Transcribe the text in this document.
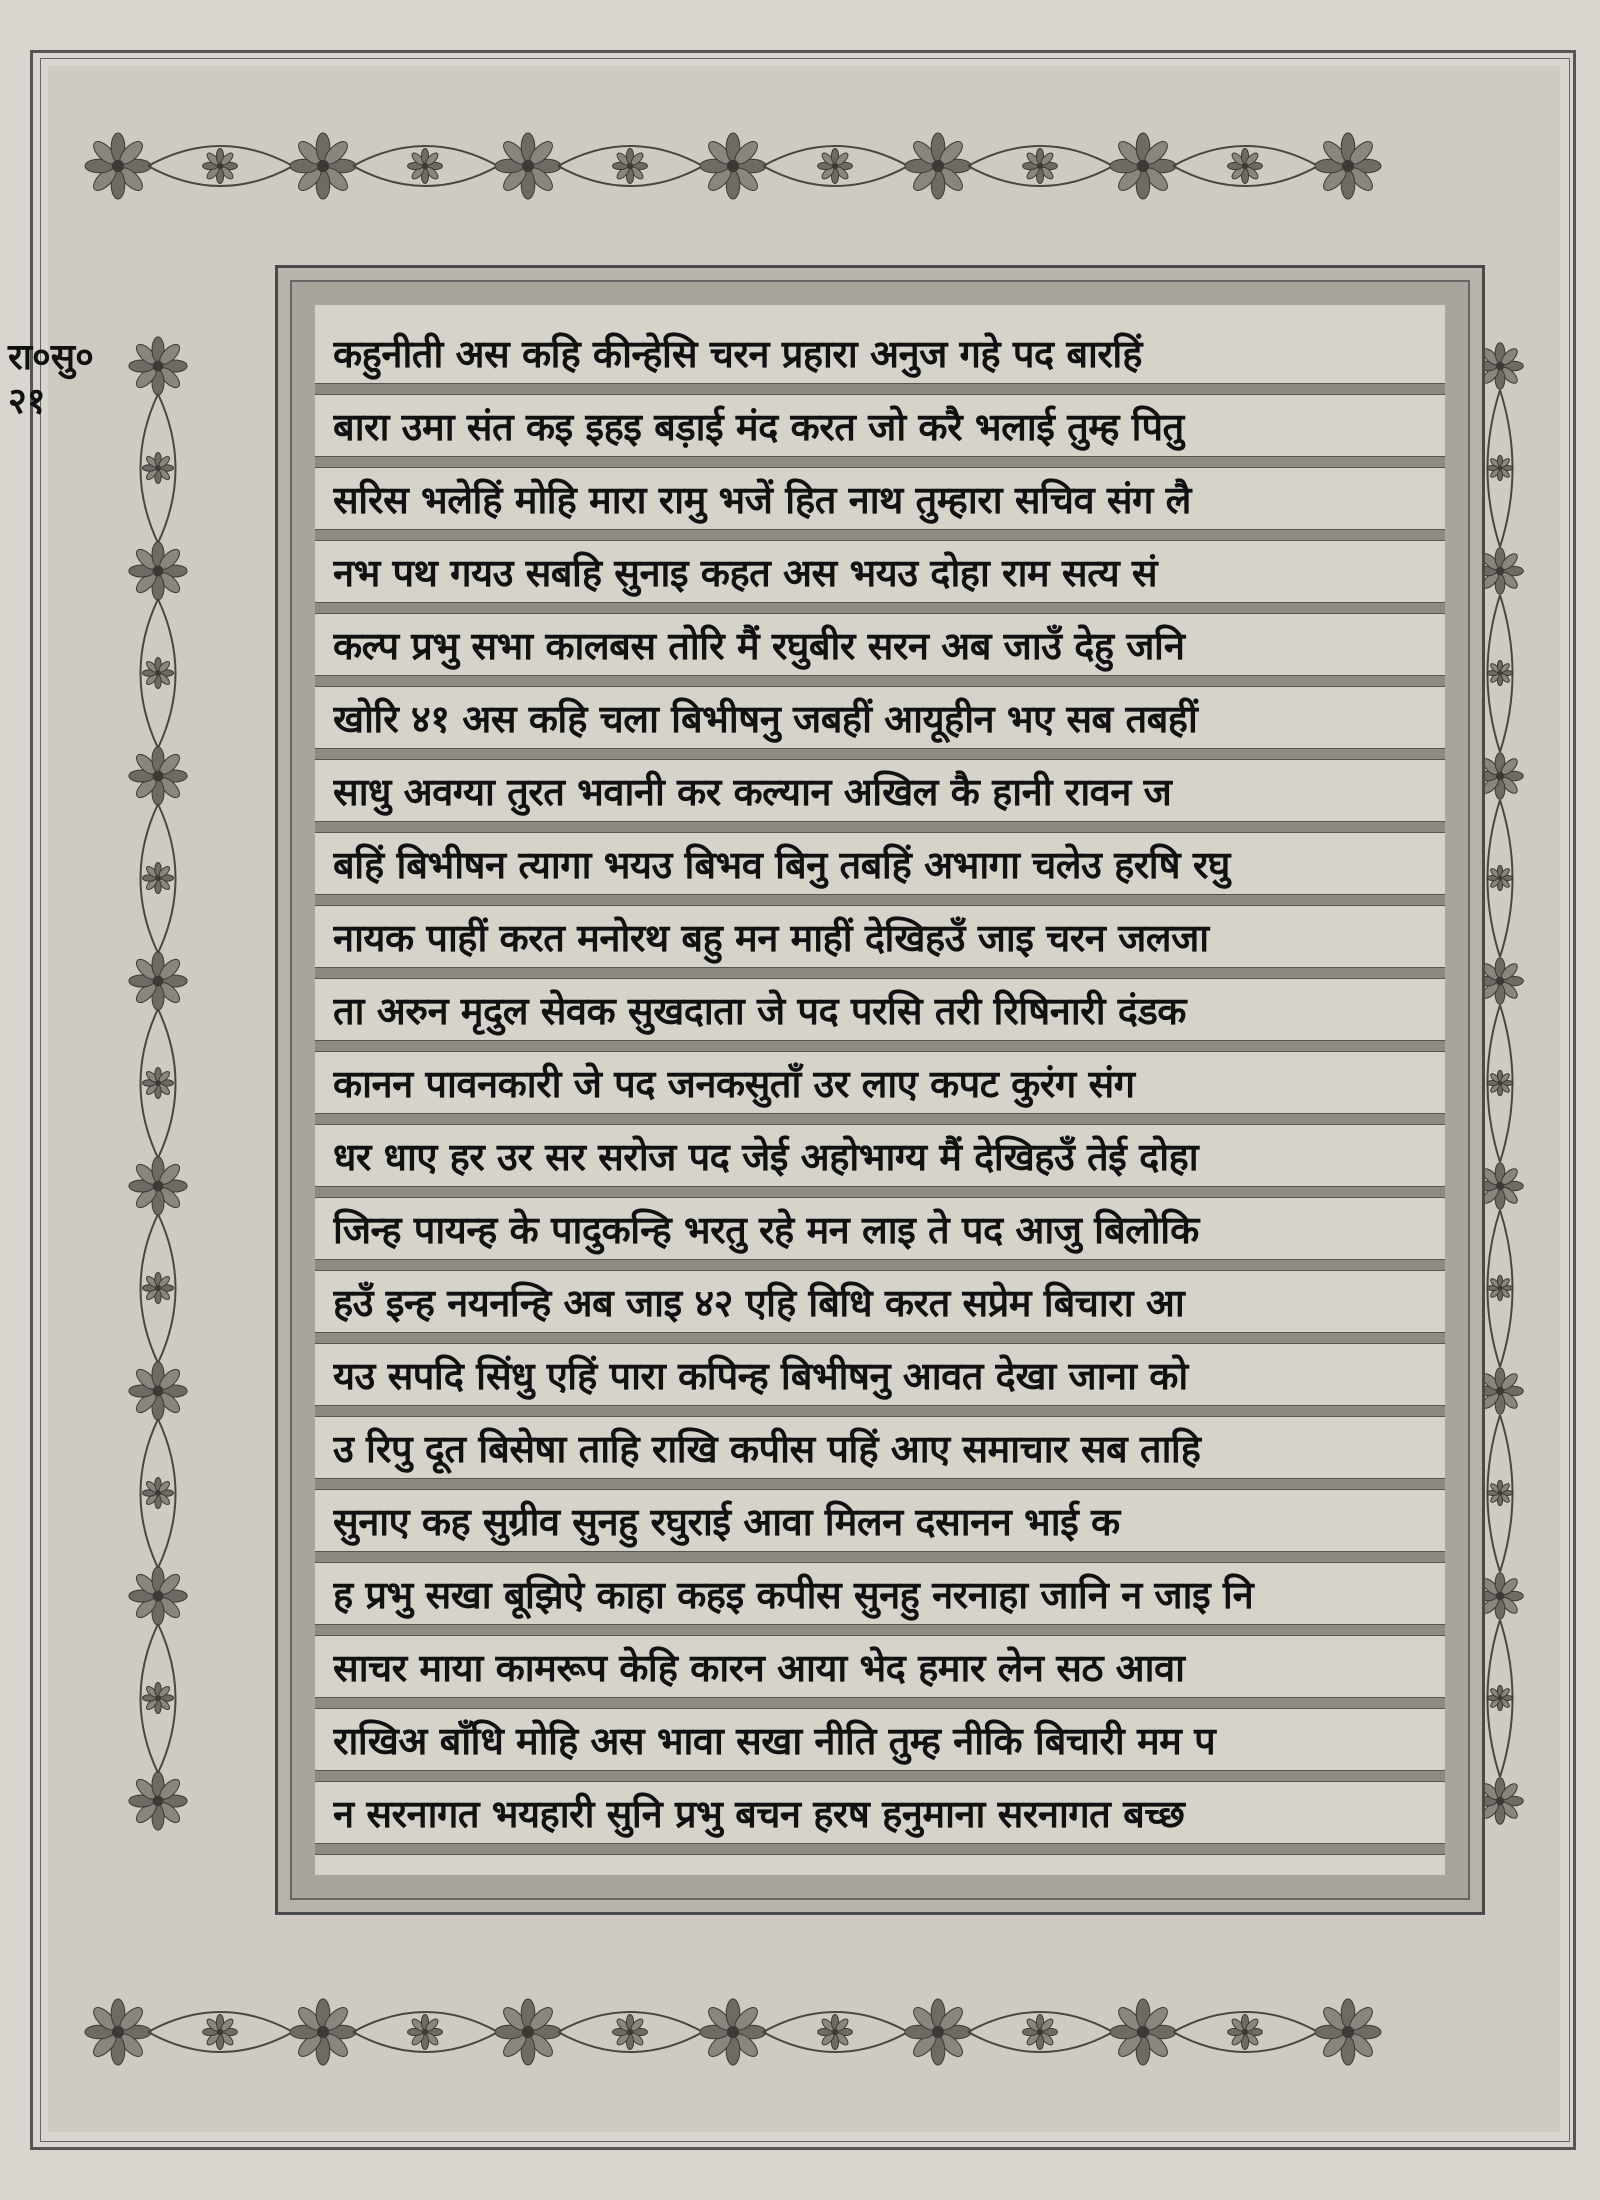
रा०सु०
२१
कहुनीती अस कहि कीन्हेसि चरन प्रहारा अनुज गहे पद बारहिं
बारा उमा संत कइ इहइ बड़ाई मंद करत जो करै भलाई तुम्ह पितु
सरिस भलेहिं मोहि मारा रामु भजें हित नाथ तुम्हारा सचिव संग लै
नभ पथ गयउ सबहि सुनाइ कहत अस भयउ दोहा राम सत्य सं
कल्प प्रभु सभा कालबस तोरि मैं रघुबीर सरन अब जाउँ देहु जनि
खोरि ४१ अस कहि चला बिभीषनु जबहीं आयूहीन भए सब तबहीं
साधु अवग्या तुरत भवानी कर कल्यान अखिल कै हानी रावन ज
बहिं बिभीषन त्यागा भयउ बिभव बिनु तबहिं अभागा चलेउ हरषि रघु
नायक पाहीं करत मनोरथ बहु मन माहीं देखिहउँ जाइ चरन जलजा
ता अरुन मृदुल सेवक सुखदाता जे पद परसि तरी रिषिनारी दंडक
कानन पावनकारी जे पद जनकसुताँ उर लाए कपट कुरंग संग
धर धाए हर उर सर सरोज पद जेई अहोभाग्य मैं देखिहउँ तेई दोहा
जिन्ह पायन्ह के पादुकन्हि भरतु रहे मन लाइ ते पद आजु बिलोकि
हउँ इन्ह नयनन्हि अब जाइ ४२ एहि बिधि करत सप्रेम बिचारा आ
यउ सपदि सिंधु एहिं पारा कपिन्ह बिभीषनु आवत देखा जाना को
उ रिपु दूत बिसेषा ताहि राखि कपीस पहिं आए समाचार सब ताहि
सुनाए कह सुग्रीव सुनहु रघुराई आवा मिलन दसानन भाई क
ह प्रभु सखा बूझिऐ काहा कहइ कपीस सुनहु नरनाहा जानि न जाइ नि
साचर माया कामरूप केहि कारन आया भेद हमार लेन सठ आवा
राखिअ बाँधि मोहि अस भावा सखा नीति तुम्ह नीकि बिचारी मम प
न सरनागत भयहारी सुनि प्रभु बचन हरष हनुमाना सरनागत बच्छ
